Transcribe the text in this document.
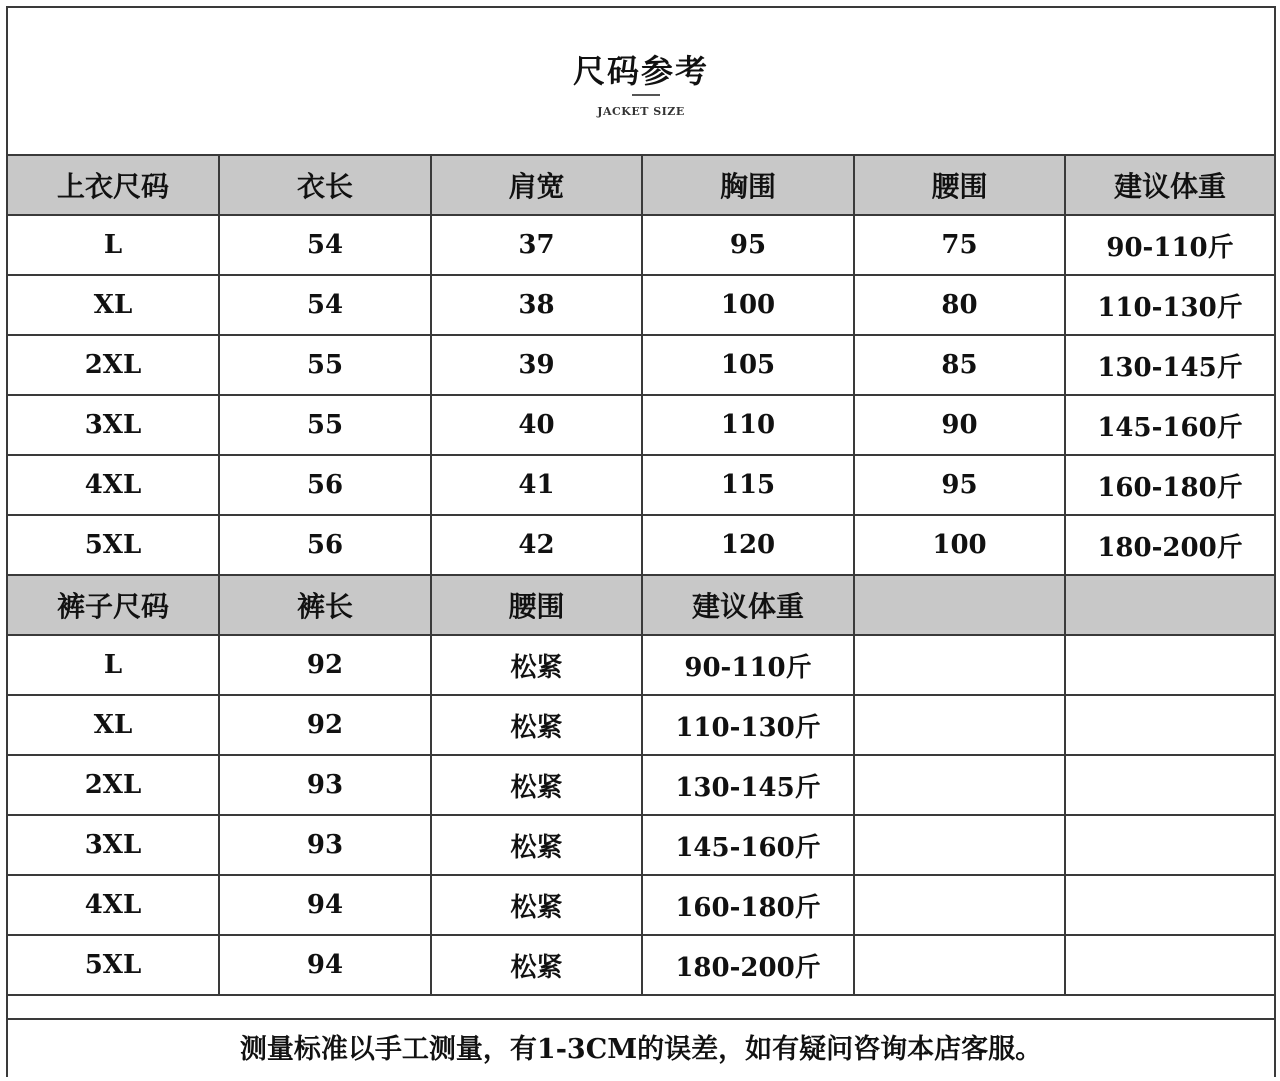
尺码参考
JACKET SIZE
上衣尺码	衣长	肩宽	胸围	腰围	建议体重
L	54	37	95	75	90-110斤
XL	54	38	100	80	110-130斤
2XL	55	39	105	85	130-145斤
3XL	55	40	110	90	145-160斤
4XL	56	41	115	95	160-180斤
5XL	56	42	120	100	180-200斤
裤子尺码	裤长	腰围	建议体重		
L	92	松紧	90-110斤		
XL	92	松紧	110-130斤		
2XL	93	松紧	130-145斤		
3XL	93	松紧	145-160斤		
4XL	94	松紧	160-180斤		
5XL	94	松紧	180-200斤		
测量标准以手工测量，有1-3CM的误差，如有疑问咨询本店客服。
